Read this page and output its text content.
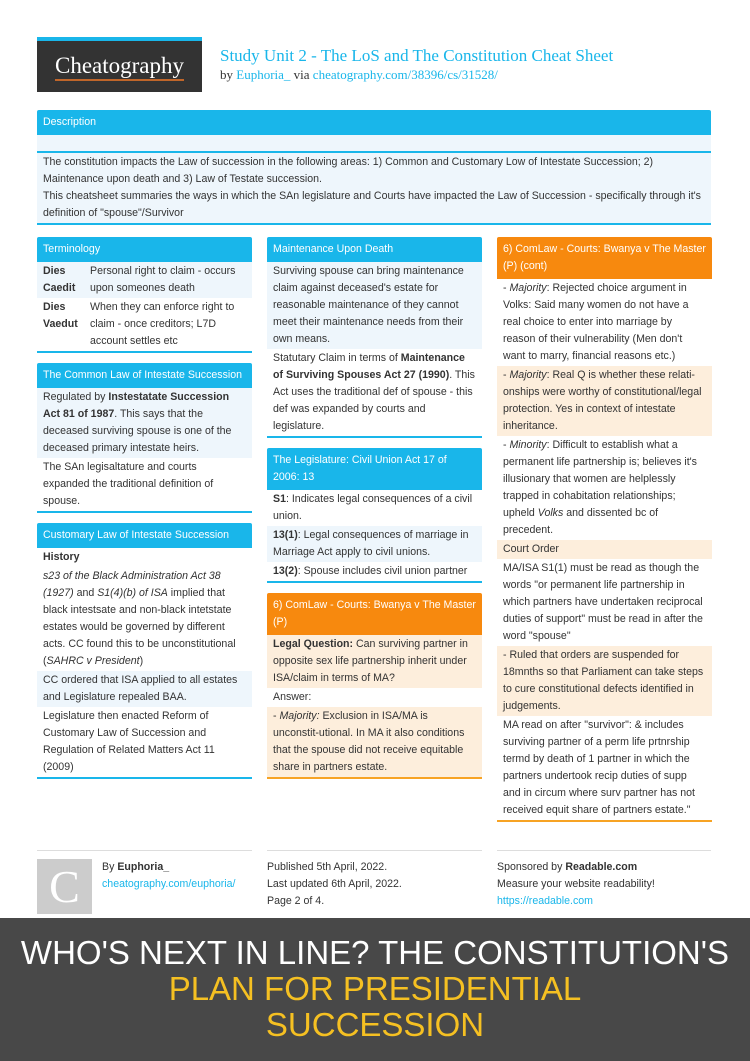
Cheatography Study Unit 2 - The LoS and The Constitution Cheat Sheet
by Euphoria_ via cheatography.com/38396/cs/31528/
Description
The constitution impacts the Law of succession in the following areas: 1) Common and Customary Low of Intestate Succession; 2) Maintenance upon death and 3) Law of Testate succession.
This cheatsheet summaries the ways in which the SAn legislature and Courts have impacted the Law of Succession - specifically through it's definition of "spouse"/Survivor
Terminology
Dies Caedit
Personal right to claim - occurs upon someones death
Dies Vaedut
When they can enforce right to claim - once creditors; L7D account settles etc
The Common Law of Intestate Succession
Regulated by Instestatate Succession Act 81 of 1987. This says that the deceased surviving spouse is one of the deceased primary intestate heirs.
The SAn legisaltature and courts expanded the traditional definition of spouse.
Customary Law of Intestate Succession
History
s23 of the Black Administration Act 38 (1927) and S1(4)(b) of ISA implied that black intestsate and non-black intetstate estates would be governed by different acts. CC found this to be unconstitutional (SAHRC v President)
CC ordered that ISA applied to all estates and Legislature repealed BAA.
Legislature then enacted Reform of Customary Law of Succession and Regulation of Related Matters Act 11 (2009)
Maintenance Upon Death
Surviving spouse can bring maintenance claim against deceased's estate for reasonable maintenance of they cannot meet their maintenance needs from their own means.
Statutary Claim in terms of Maintenance of Surviving Spouses Act 27 (1990). This Act uses the traditional def of spouse - this def was expanded by courts and legislature.
The Legislature: Civil Union Act 17 of 2006: 13
S1: Indicates legal consequences of a civil union.
13(1): Legal consequences of marriage in Marriage Act apply to civil unions.
13(2): Spouse includes civil union partner
6) ComLaw - Courts: Bwanya v The Master (P)
Legal Question: Can surviving partner in opposite sex life partnership inherit under ISA/claim in terms of MA?
Answer:
- Majority: Exclusion in ISA/MA is unconstit-utional. In MA it also conditions that the spouse did not receive equitable share in partners estate.
6) ComLaw - Courts: Bwanya v The Master (P) (cont)
- Majority: Rejected choice argument in Volks: Said many women do not have a real choice to enter into marriage by reason of their vulnerability (Men don't want to marry, financial reasons etc.)
- Majority: Real Q is whether these relati-onships were worthy of constitutional/legal protection. Yes in context of intestate inheritance.
- Minority: Difficult to establish what a permanent life partnership is; believes it's illusionary that women are helplessly trapped in cohabitation relationships; upheld Volks and dissented bc of precedent.
Court Order
MA/ISA S1(1) must be read as though the words "or permanent life partnership in which partners have undertaken reciprocal duties of support" must be read in after the word "spouse"
- Ruled that orders are suspended for 18mnths so that Parliament can take steps to cure constitutional defects identified in judgements.
MA read on after "survivor": & includes surviving partner of a perm life prtnrship termd by death of 1 partner in which the partners undertook recip duties of supp and in circum where surv partner has not received equit share of partners estate."
C	By Euphoria_
cheatography.com/euphoria/
Published 5th April, 2022.
Last updated 6th April, 2022.
Page 2 of 4.
Sponsored by Readable.com
Measure your website readability!
https://readable.com
WHO'S NEXT IN LINE? THE CONSTITUTION'S
PLAN FOR PRESIDENTIAL
SUCCESSION
